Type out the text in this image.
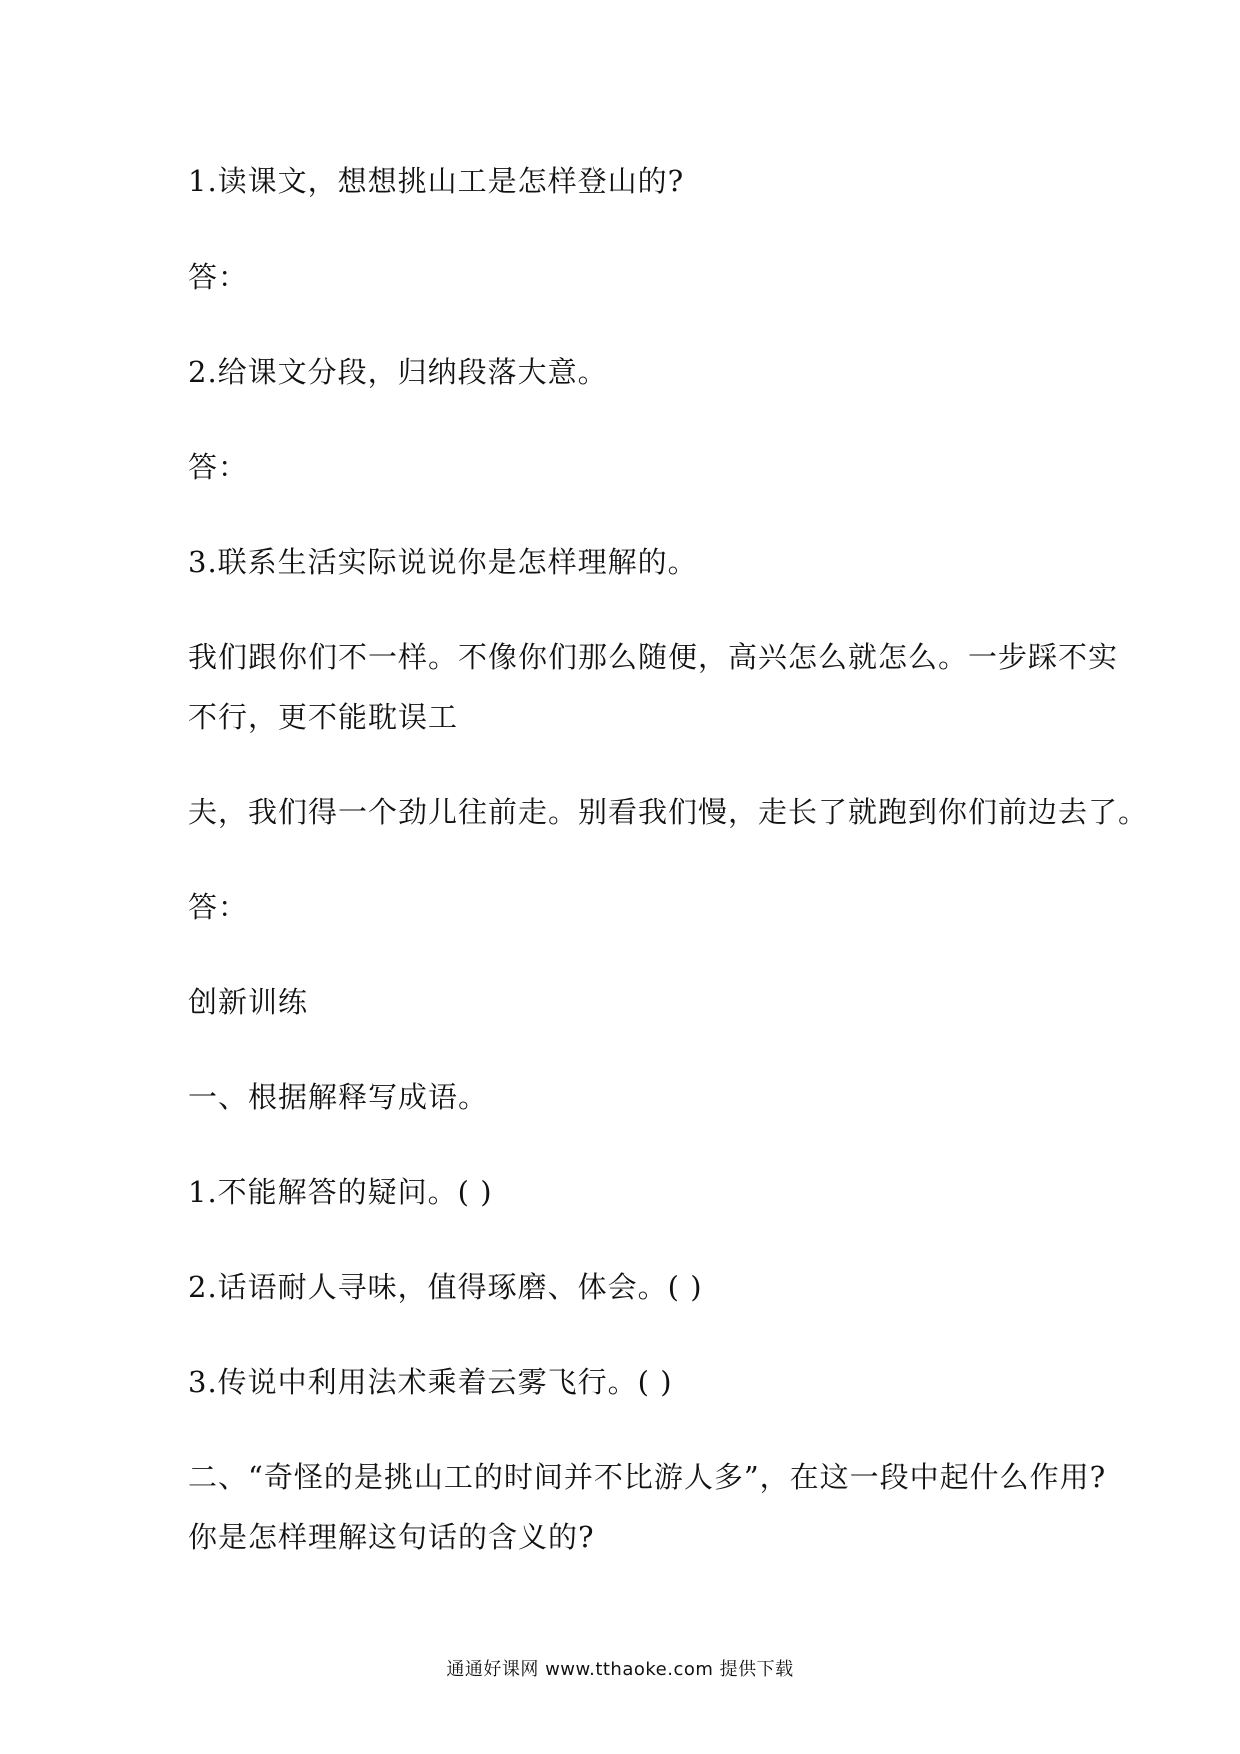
1.读课文，想想挑山工是怎样登山的?
答：
2.给课文分段，归纳段落大意。
答：
3.联系生活实际说说你是怎样理解的。
我们跟你们不一样。不像你们那么随便，高兴怎么就怎么。一步踩不实
不行，更不能耽误工
夫，我们得一个劲儿往前走。别看我们慢，走长了就跑到你们前边去了。
答：
创新训练
一、根据解释写成语。
1.不能解答的疑问。( )
2.话语耐人寻味，值得琢磨、体会。( )
3.传说中利用法术乘着云雾飞行。( )
二、“奇怪的是挑山工的时间并不比游人多”，在这一段中起什么作用?
你是怎样理解这句话的含义的?
通通好课网 www.tthaoke.com 提供下载
